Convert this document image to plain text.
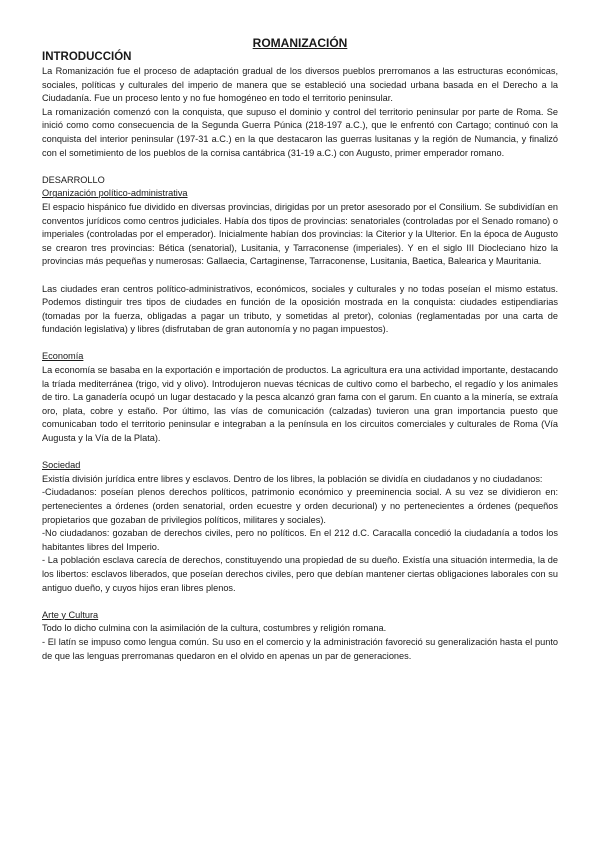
ROMANIZACIÓN
INTRODUCCIÓN

La Romanización fue el proceso de adaptación gradual de los diversos pueblos prerromanos a las estructuras económicas, sociales, políticas y culturales del imperio de manera que se estableció una sociedad urbana basada en el Derecho a la Ciudadanía. Fue un proceso lento y no fue homogéneo en todo el territorio peninsular.

La romanización comenzó con la conquista, que supuso el dominio y control del territorio peninsular por parte de Roma. Se inició como como consecuencia de la Segunda Guerra Púnica (218-197 a.C.), que le enfrentó con Cartago; continuó con la conquista del interior peninsular (197-31 a.C.) en la que destacaron las guerras lusitanas y la región de Numancia, y finalizó con el sometimiento de los pueblos de la cornisa cantábrica (31-19 a.C.) con Augusto, primer emperador romano.

DESARROLLO
Organización político-administrativa

El espacio hispánico fue dividido en diversas provincias, dirigidas por un pretor asesorado por el Consilium. Se subdividían en conventos jurídicos como centros judiciales. Había dos tipos de provincias: senatoriales (controladas por el Senado romano) o imperiales (controladas por el emperador). Inicialmente habían dos provincias: la Citerior y la Ulterior. En la época de Augusto se crearon tres provincias: Bética (senatorial), Lusitania, y Tarraconense (imperiales). Y en el siglo III Diocleciano hizo la provincias más pequeñas y numerosas: Gallaecia, Cartaginense, Tarraconense, Lusitania, Baetica, Balearica y Mauritania.

Las ciudades eran centros político-administrativos, económicos, sociales y culturales y no todas poseían el mismo estatus. Podemos distinguir tres tipos de ciudades en función de la oposición mostrada en la conquista: ciudades estipendiarias (tomadas por la fuerza, obligadas a pagar un tributo, y sometidas al pretor), colonias (reglamentadas por una carta de fundación legislativa) y libres (disfrutaban de gran autonomía y no pagan impuestos).

Economía

La economía se basaba en la exportación e importación de productos. La agricultura era una actividad importante, destacando la tríada mediterránea (trigo, vid y olivo). Introdujeron nuevas técnicas de cultivo como el barbecho, el regadío y los animales de tiro. La ganadería ocupó un lugar destacado y la pesca alcanzó gran fama con el garum. En cuanto a la minería, se extraía oro, plata, cobre y estaño. Por último, las vías de comunicación (calzadas) tuvieron una gran importancia puesto que comunicaban todo el territorio peninsular e integraban a la península en los circuitos comerciales y culturales de Roma (Vía Augusta y la Vía de la Plata).

Sociedad

Existía división jurídica entre libres y esclavos. Dentro de los libres, la población se dividía en ciudadanos y no ciudadanos:

-Ciudadanos: poseían plenos derechos políticos, patrimonio económico y preeminencia social. A su vez se dividieron en: pertenecientes a órdenes (orden senatorial, orden ecuestre y orden decurional) y no pertenecientes a órdenes (pequeños propietarios que gozaban de privilegios políticos, militares y sociales).

-No ciudadanos: gozaban de derechos civiles, pero no políticos. En el 212 d.C. Caracalla concedió la ciudadanía a todos los habitantes libres del Imperio.

- La población esclava carecía de derechos, constituyendo una propiedad de su dueño. Existía una situación intermedia, la de los libertos: esclavos liberados, que poseían derechos civiles, pero que debían mantener ciertas obligaciones laborales con su antiguo dueño, y cuyos hijos eran libres plenos.

Arte y Cultura

Todo lo dicho culmina con la asimilación de la cultura, costumbres y religión romana.

- El latín se impuso como lengua común. Su uso en el comercio y la administración favoreció su generalización hasta el punto de que las lenguas prerromanas quedaron en el olvido en apenas un par de generaciones.
